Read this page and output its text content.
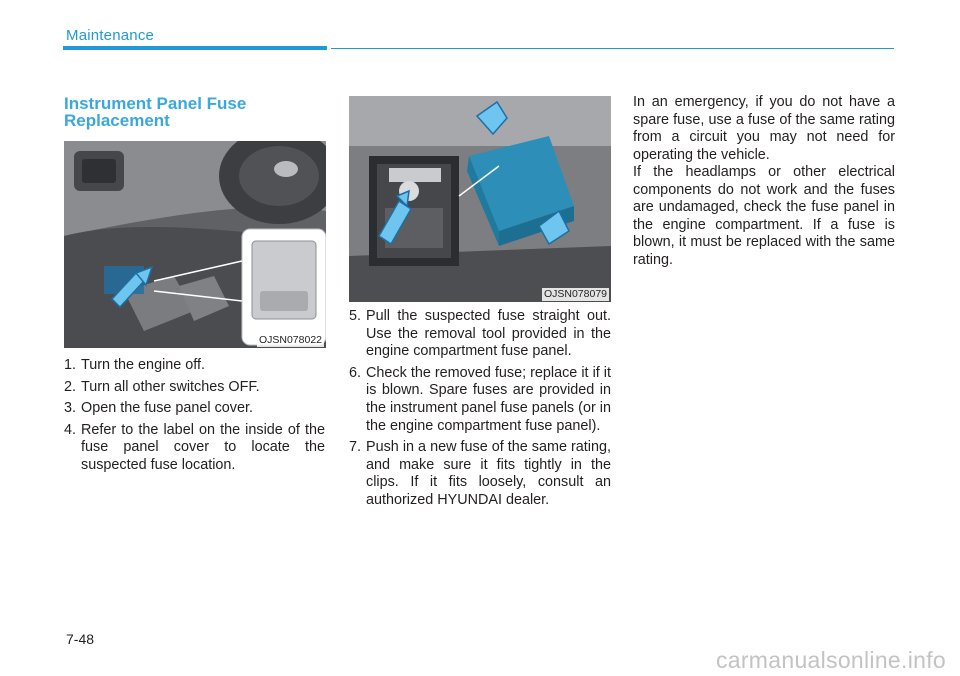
Maintenance
Instrument Panel Fuse Replacement
OJSN078022
OJSN078079
1. Turn the engine off.
2. Turn all other switches OFF.
3. Open the fuse panel cover.
4. Refer to the label on the inside of the fuse panel cover to locate the suspected fuse location.
5. Pull the suspected fuse straight out. Use the removal tool provided in the engine compartment fuse panel.
6. Check the removed fuse; replace it if it is blown. Spare fuses are provided in the instrument panel fuse panels (or in the engine compartment fuse panel).
7. Push in a new fuse of the same rating, and make sure it fits tightly in the clips. If it fits loosely, consult an authorized HYUNDAI dealer.

In an emergency, if you do not have a spare fuse, use a fuse of the same rating from a circuit you may not need for operating the vehicle.

If the headlamps or other electrical components do not work and the fuses are undamaged, check the fuse panel in the engine compartment. If a fuse is blown, it must be replaced with the same rating.

7-48
carmanualsonline.info
